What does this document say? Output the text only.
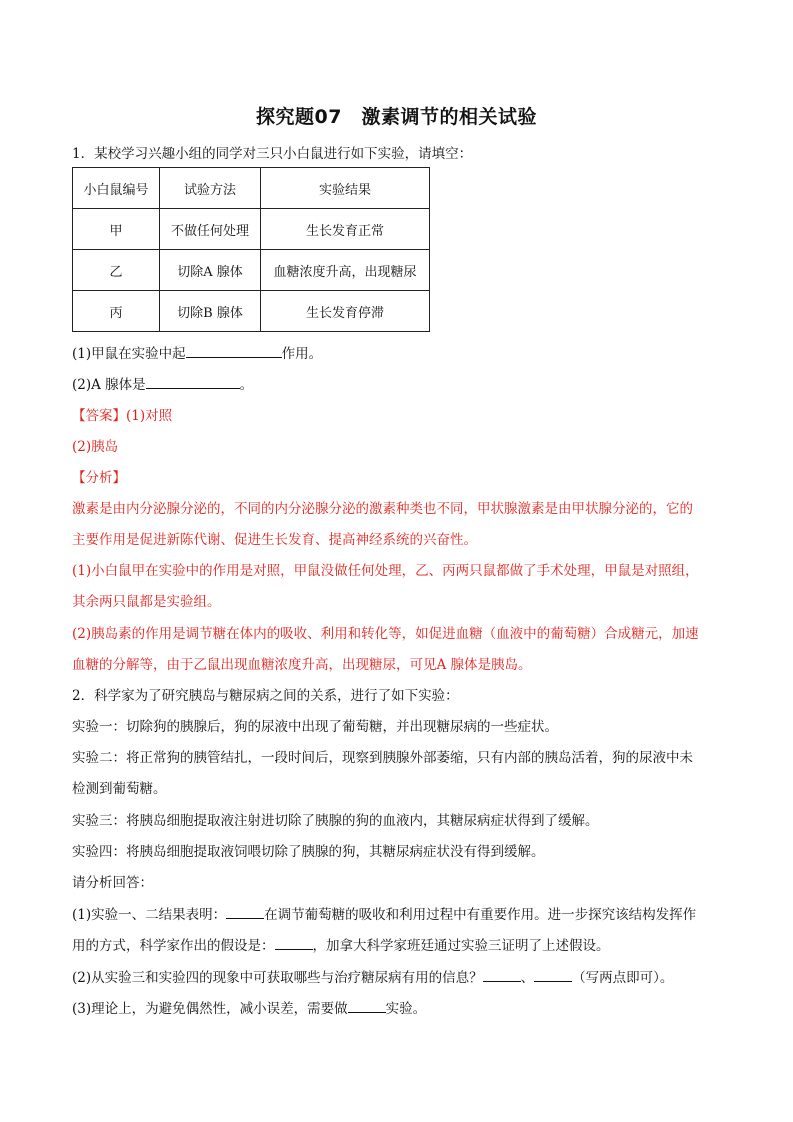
探究题07　激素调节的相关试验
1．某校学习兴趣小组的同学对三只小白鼠进行如下实验，请填空：
小白鼠编号	试验方法	实验结果
甲	不做任何处理	生长发育正常
乙	切除A 腺体	血糖浓度升高，出现糖尿
丙	切除B 腺体	生长发育停滞
(1)甲鼠在实验中起	作用。
(2)A 腺体是	。
【答案】(1)对照
(2)胰岛
【分析】
激素是由内分泌腺分泌的，不同的内分泌腺分泌的激素种类也不同，甲状腺激素是由甲状腺分泌的，它的
主要作用是促进新陈代谢、促进生长发育、提高神经系统的兴奋性。
(1)小白鼠甲在实验中的作用是对照，甲鼠没做任何处理，乙、丙两只鼠都做了手术处理，甲鼠是对照组，
其余两只鼠都是实验组。
(2)胰岛素的作用是调节糖在体内的吸收、利用和转化等，如促进血糖（血液中的葡萄糖）合成糖元，加速
血糖的分解等，由于乙鼠出现血糖浓度升高，出现糖尿，可见A 腺体是胰岛。
2．科学家为了研究胰岛与糖尿病之间的关系，进行了如下实验：
实验一：切除狗的胰腺后，狗的尿液中出现了葡萄糖，并出现糖尿病的一些症状。
实验二：将正常狗的胰管结扎，一段时间后，现察到胰腺外部萎缩，只有内部的胰岛活着，狗的尿液中未
检测到葡萄糖。
实验三：将胰岛细胞提取液注射进切除了胰腺的狗的血液内，其糖尿病症状得到了缓解。
实验四：将胰岛细胞提取液饲喂切除了胰腺的狗，其糖尿病症状没有得到缓解。
请分析回答：
(1)实验一、二结果表明：	在调节葡萄糖的吸收和利用过程中有重要作用。进一步探究该结构发挥作
用的方式，科学家作出的假设是：	，加拿大科学家班廷通过实验三证明了上述假设。
(2)从实验三和实验四的现象中可获取哪些与治疗糖尿病有用的信息？	、	（写两点即可）。
(3)理论上，为避免偶然性，减小误差，需要做	实验。
